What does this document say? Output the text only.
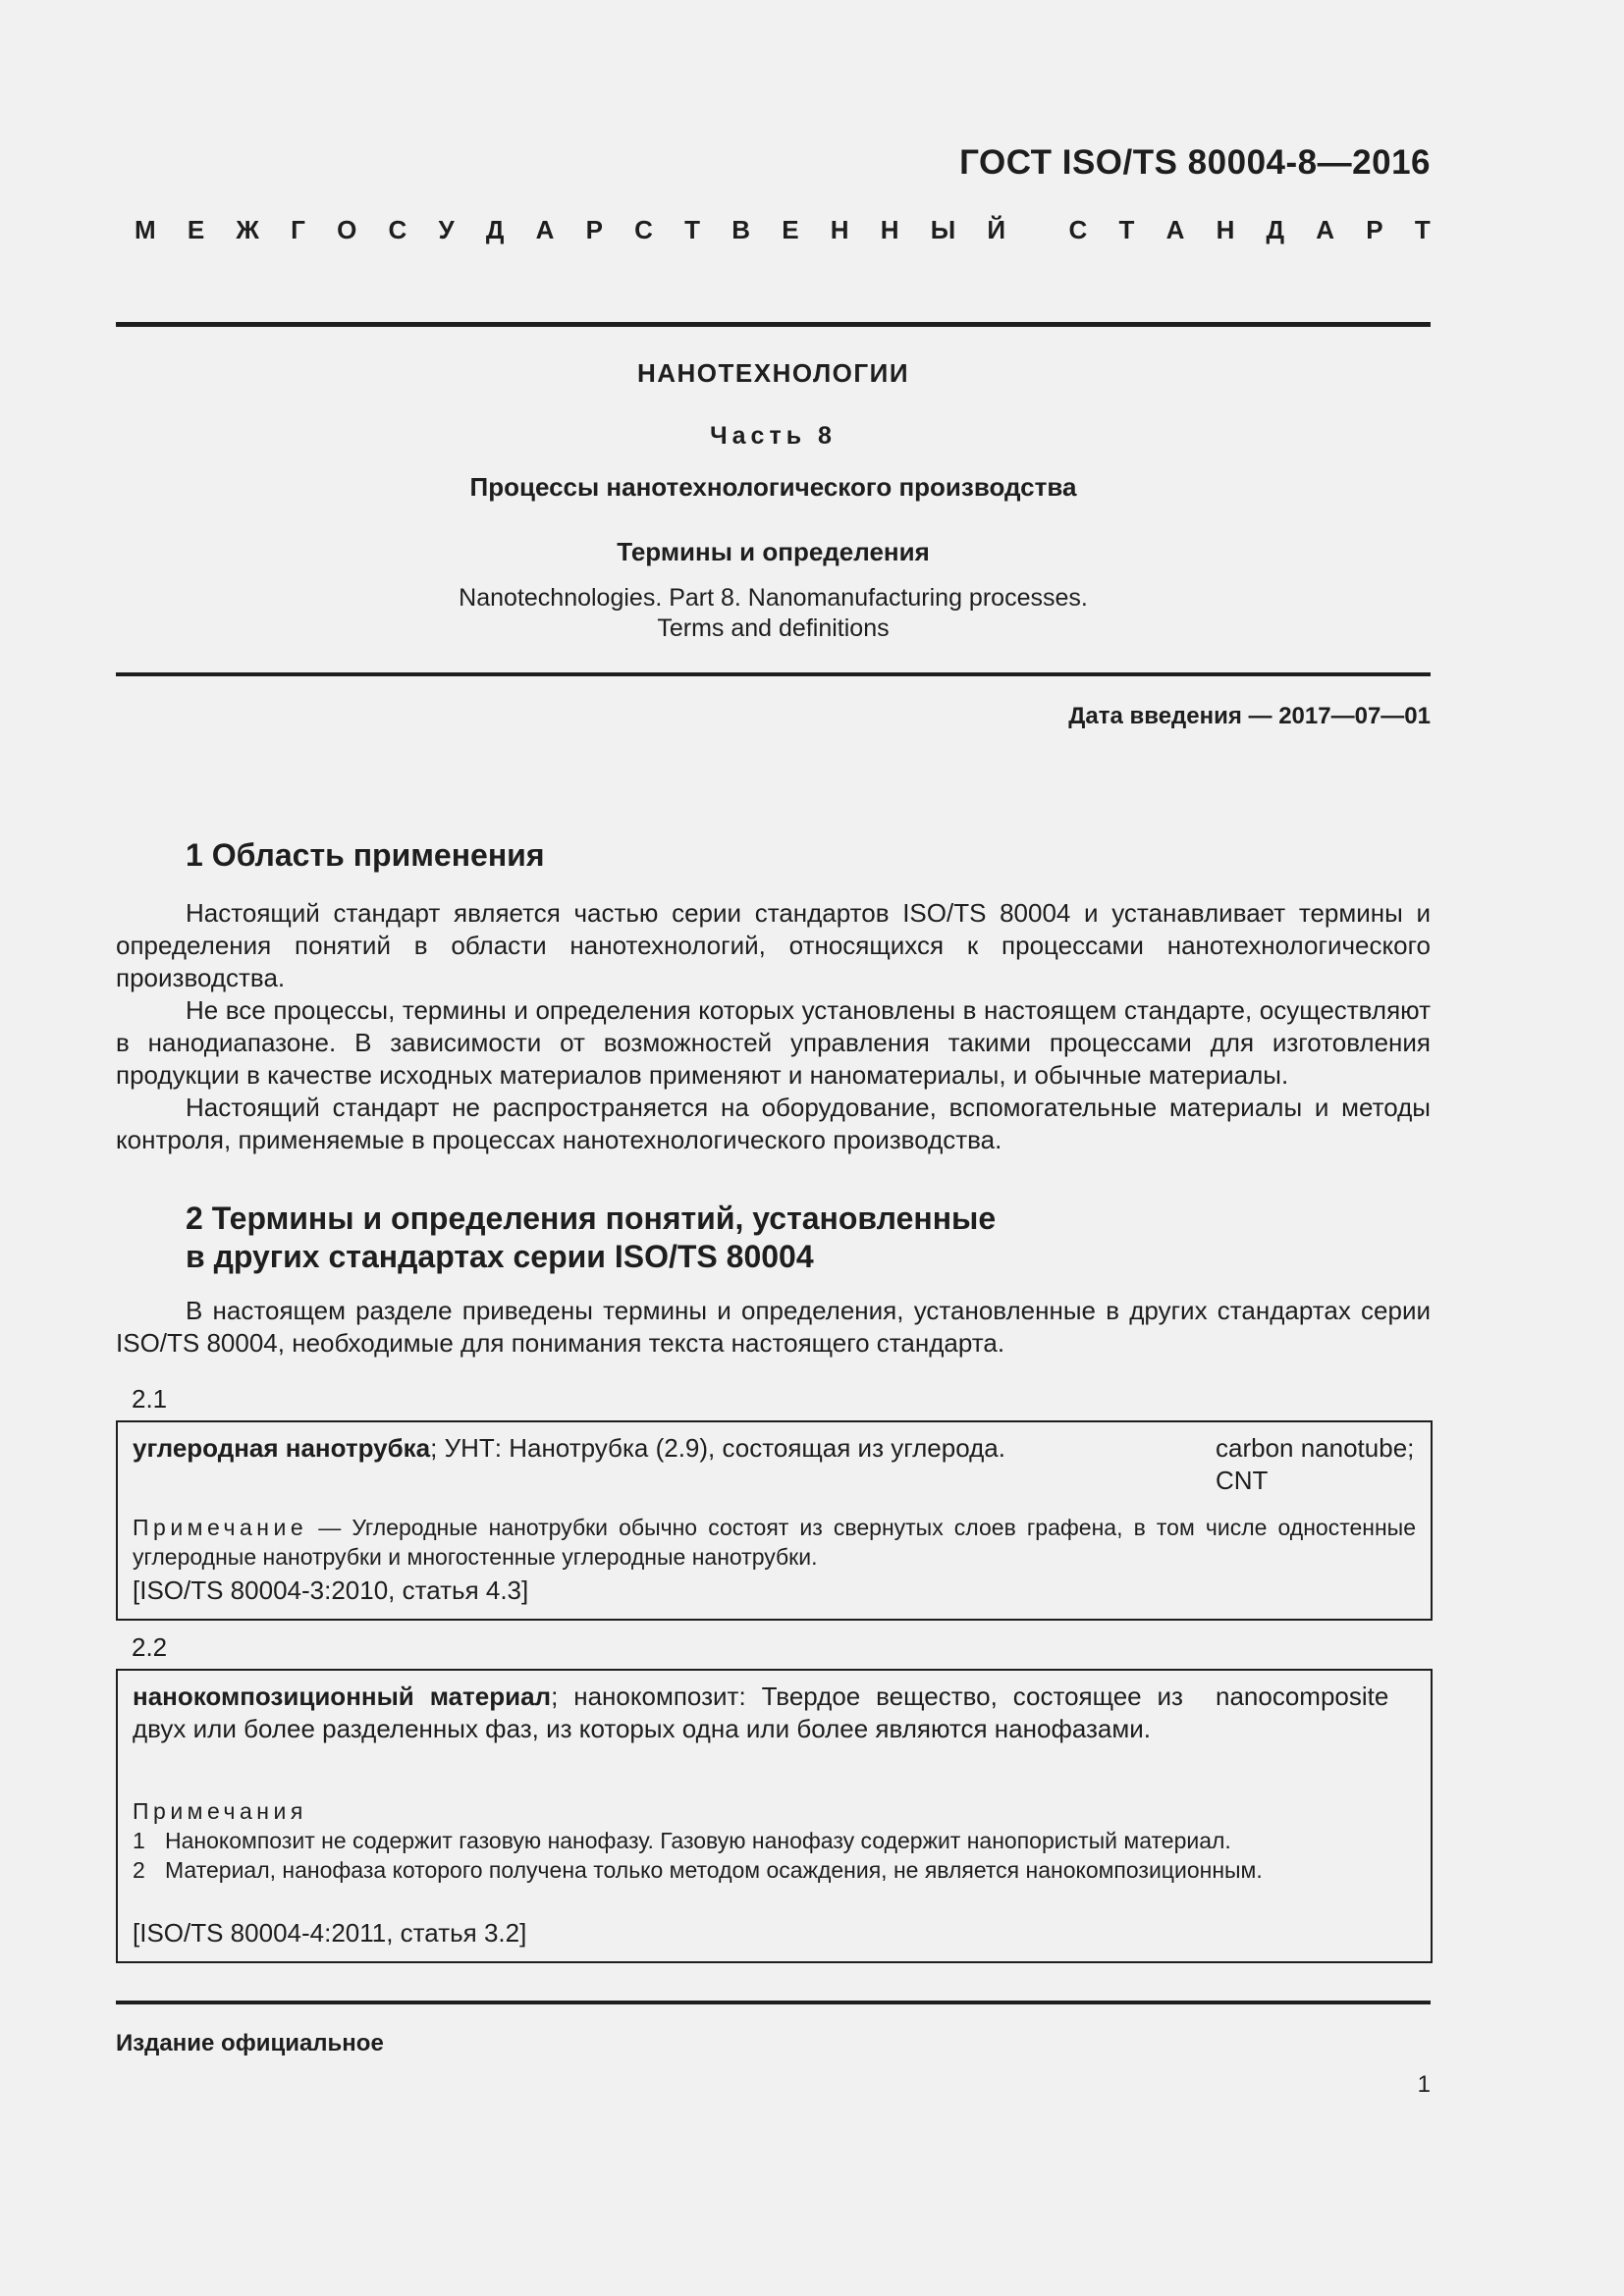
ГОСТ ISO/TS 80004-8—2016
М Е Ж Г О С У Д А Р С Т В Е Н Н Ы Й С Т А Н Д А Р Т
НАНОТЕХНОЛОГИИ
Часть 8
Процессы нанотехнологического производства
Термины и определения
Nanotechnologies. Part 8. Nanomanufacturing processes.
Terms and definitions
Дата введения — 2017—07—01
1 Область применения

Настоящий стандарт является частью серии стандартов ISO/TS 80004 и устанавливает термины и определения понятий в области нанотехнологий, относящихся к процессами нанотехнологического производства.

Не все процессы, термины и определения которых установлены в настоящем стандарте, осуществляют в нанодиапазоне. В зависимости от возможностей управления такими процессами для изготовления продукции в качестве исходных материалов применяют и наноматериалы, и обычные материалы.

Настоящий стандарт не распространяется на оборудование, вспомогательные материалы и методы контроля, применяемые в процессах нанотехнологического производства.

2 Термины и определения понятий, установленные
в других стандартах серии ISO/TS 80004

В настоящем разделе приведены термины и определения, установленные в других стандартах серии ISO/TS 80004, необходимые для понимания текста настоящего стандарта.

2.1
углеродная нанотрубка; УНТ: Нанотрубка (2.9), состоящая из углерода.	carbon nanotube;
CNT
Примечание — Углеродные нанотрубки обычно состоят из свернутых слоев графена, в том числе одностенные углеродные нанотрубки и многостенные углеродные нанотрубки.
[ISO/TS 80004-3:2010, статья 4.3]
2.2
нанокомпозиционный материал; нанокомпозит: Твердое вещество, состоящее из двух или более разделенных фаз, из которых одна или более являются нанофазами.
nanocomposite
Примечания
1 Нанокомпозит не содержит газовую нанофазу. Газовую нанофазу содержит нанопористый материал.
2 Материал, нанофаза которого получена только методом осаждения, не является нанокомпозиционным.
[ISO/TS 80004-4:2011, статья 3.2]
Издание официальное
1
